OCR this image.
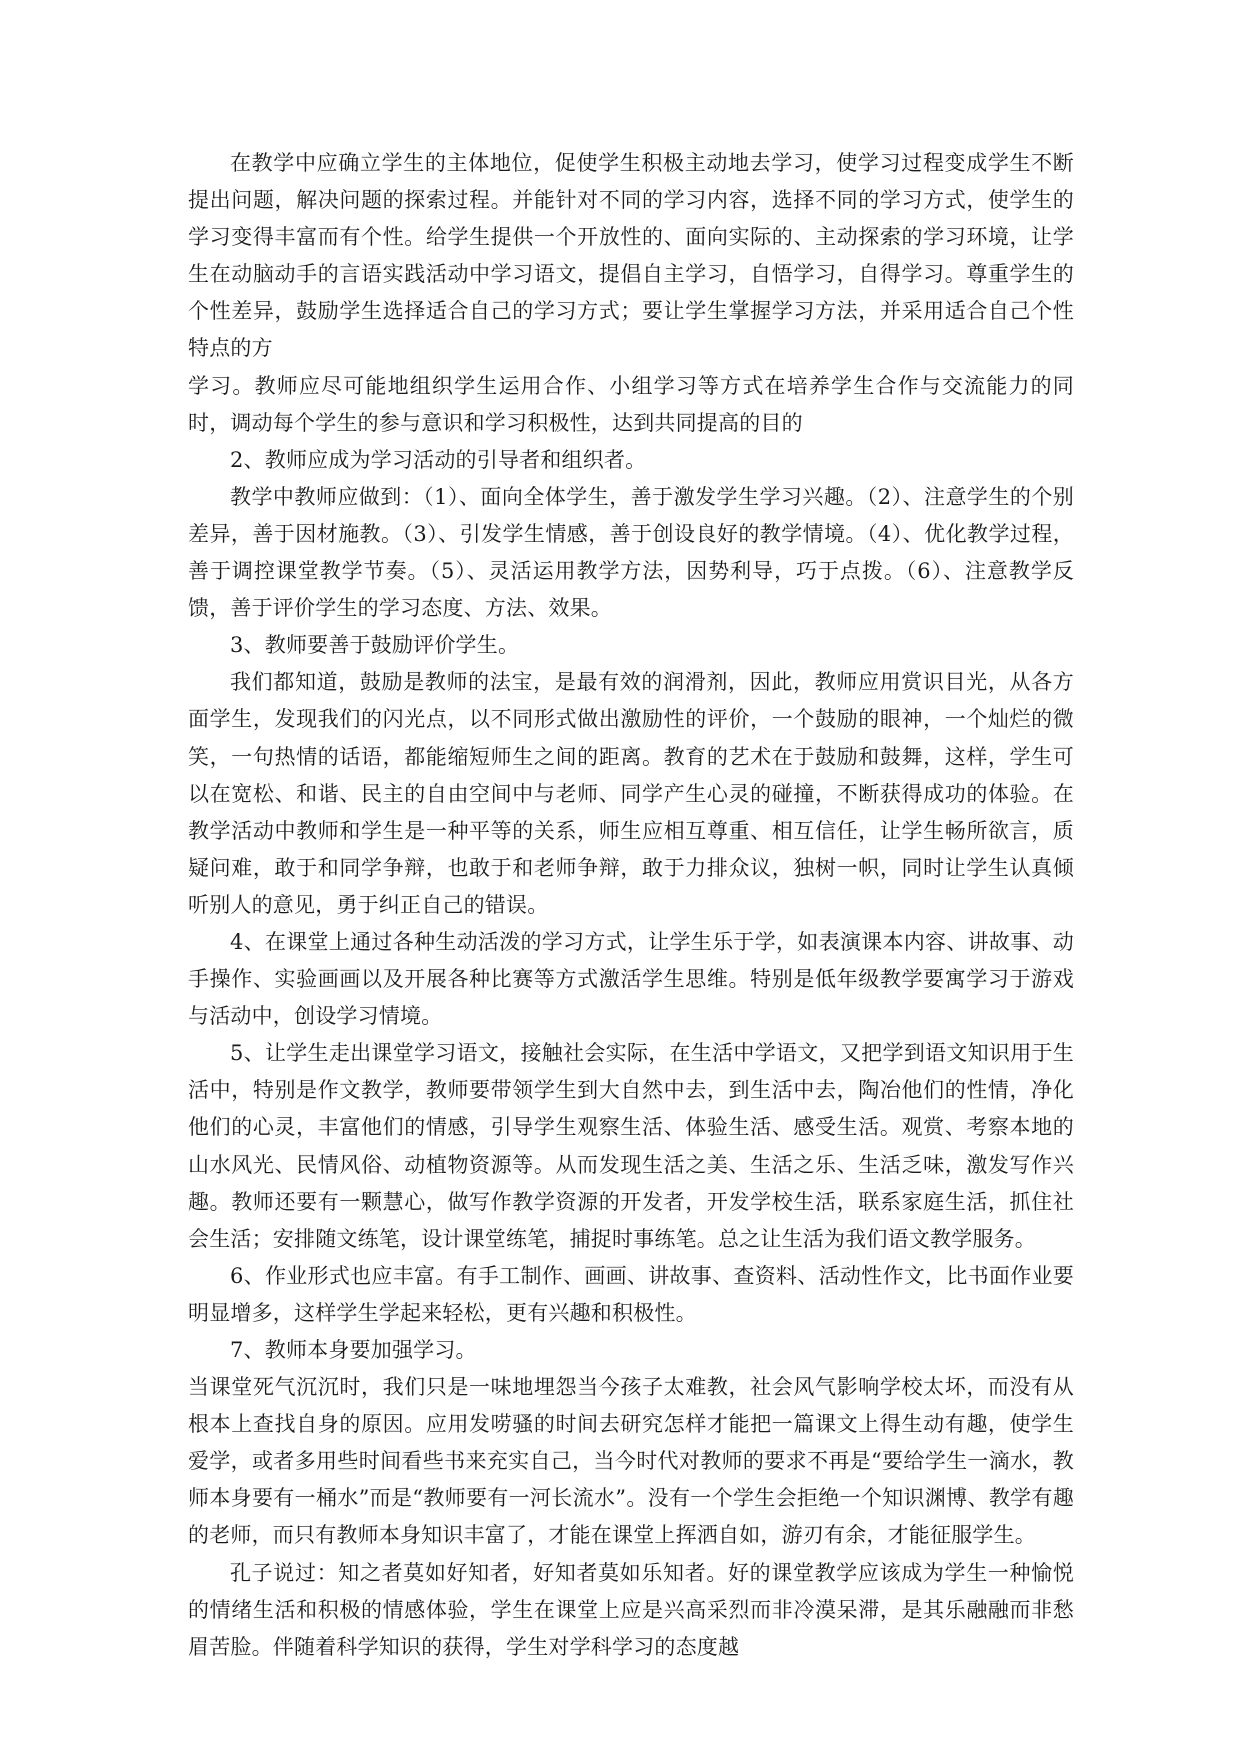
在教学中应确立学生的主体地位，促使学生积极主动地去学习，使学习过程变成学生不断提出问题，解决问题的探索过程。并能针对不同的学习内容，选择不同的学习方式，使学生的学习变得丰富而有个性。给学生提供一个开放性的、面向实际的、主动探索的学习环境，让学生在动脑动手的言语实践活动中学习语文，提倡自主学习，自悟学习，自得学习。尊重学生的个性差异，鼓励学生选择适合自己的学习方式；要让学生掌握学习方法，并采用适合自己个性特点的方

学习。教师应尽可能地组织学生运用合作、小组学习等方式在培养学生合作与交流能力的同时，调动每个学生的参与意识和学习积极性，达到共同提高的目的

2、教师应成为学习活动的引导者和组织者。

教学中教师应做到：（1）、面向全体学生，善于激发学生学习兴趣。（2）、注意学生的个别差异，善于因材施教。（3）、引发学生情感，善于创设良好的教学情境。（4）、优化教学过程，善于调控课堂教学节奏。（5）、灵活运用教学方法，因势利导，巧于点拨。（6）、注意教学反馈，善于评价学生的学习态度、方法、效果。

3、教师要善于鼓励评价学生。

我们都知道，鼓励是教师的法宝，是最有效的润滑剂，因此，教师应用赏识目光，从各方面学生，发现我们的闪光点，以不同形式做出激励性的评价，一个鼓励的眼神，一个灿烂的微笑，一句热情的话语，都能缩短师生之间的距离。教育的艺术在于鼓励和鼓舞，这样，学生可以在宽松、和谐、民主的自由空间中与老师、同学产生心灵的碰撞，不断获得成功的体验。在教学活动中教师和学生是一种平等的关系，师生应相互尊重、相互信任，让学生畅所欲言，质疑问难，敢于和同学争辩，也敢于和老师争辩，敢于力排众议，独树一帜，同时让学生认真倾听别人的意见，勇于纠正自己的错误。

4、在课堂上通过各种生动活泼的学习方式，让学生乐于学，如表演课本内容、讲故事、动手操作、实验画画以及开展各种比赛等方式激活学生思维。特别是低年级教学要寓学习于游戏与活动中，创设学习情境。

5、让学生走出课堂学习语文，接触社会实际，在生活中学语文，又把学到语文知识用于生活中，特别是作文教学，教师要带领学生到大自然中去，到生活中去，陶冶他们的性情，净化他们的心灵，丰富他们的情感，引导学生观察生活、体验生活、感受生活。观赏、考察本地的山水风光、民情风俗、动植物资源等。从而发现生活之美、生活之乐、生活乏味，激发写作兴趣。教师还要有一颗慧心，做写作教学资源的开发者，开发学校生活，联系家庭生活，抓住社会生活；安排随文练笔，设计课堂练笔，捕捉时事练笔。总之让生活为我们语文教学服务。

6、作业形式也应丰富。有手工制作、画画、讲故事、查资料、活动性作文，比书面作业要明显增多，这样学生学起来轻松，更有兴趣和积极性。

7、教师本身要加强学习。

当课堂死气沉沉时，我们只是一味地埋怨当今孩子太难教，社会风气影响学校太坏，而没有从根本上查找自身的原因。应用发唠骚的时间去研究怎样才能把一篇课文上得生动有趣，使学生爱学，或者多用些时间看些书来充实自己，当今时代对教师的要求不再是“要给学生一滴水，教师本身要有一桶水”而是“教师要有一河长流水”。没有一个学生会拒绝一个知识渊博、教学有趣的老师，而只有教师本身知识丰富了，才能在课堂上挥洒自如，游刃有余，才能征服学生。

孔子说过：知之者莫如好知者，好知者莫如乐知者。好的课堂教学应该成为学生一种愉悦的情绪生活和积极的情感体验，学生在课堂上应是兴高采烈而非冷漠呆滞，是其乐融融而非愁眉苦脸。伴随着科学知识的获得，学生对学科学习的态度越
